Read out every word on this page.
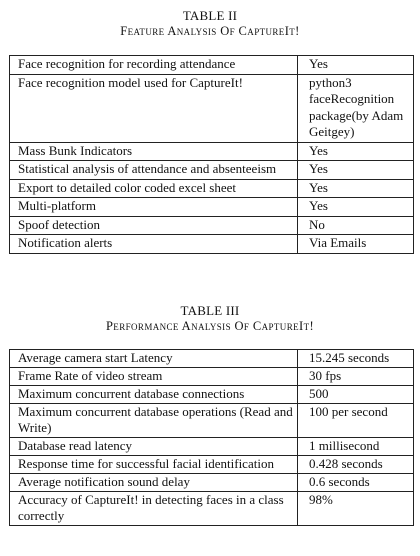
TABLE II
Feature Analysis Of CaptureIt!
Face recognition for recording attendance	Yes
Face recognition model used for CaptureIt!	python3 faceRecognition package(by Adam Geitgey)
Mass Bunk Indicators	Yes
Statistical analysis of attendance and absenteeism	Yes
Export to detailed color coded excel sheet	Yes
Multi-platform	Yes
Spoof detection	No
Notification alerts	Via Emails
TABLE III
Performance Analysis Of CaptureIt!
Average camera start Latency	15.245 seconds
Frame Rate of video stream	30 fps
Maximum concurrent database connections	500
Maximum concurrent database operations (Read and Write)	100 per second
Database read latency	1 millisecond
Response time for successful facial identification	0.428 seconds
Average notification sound delay	0.6 seconds
Accuracy of CaptureIt! in detecting faces in a class correctly	98%
